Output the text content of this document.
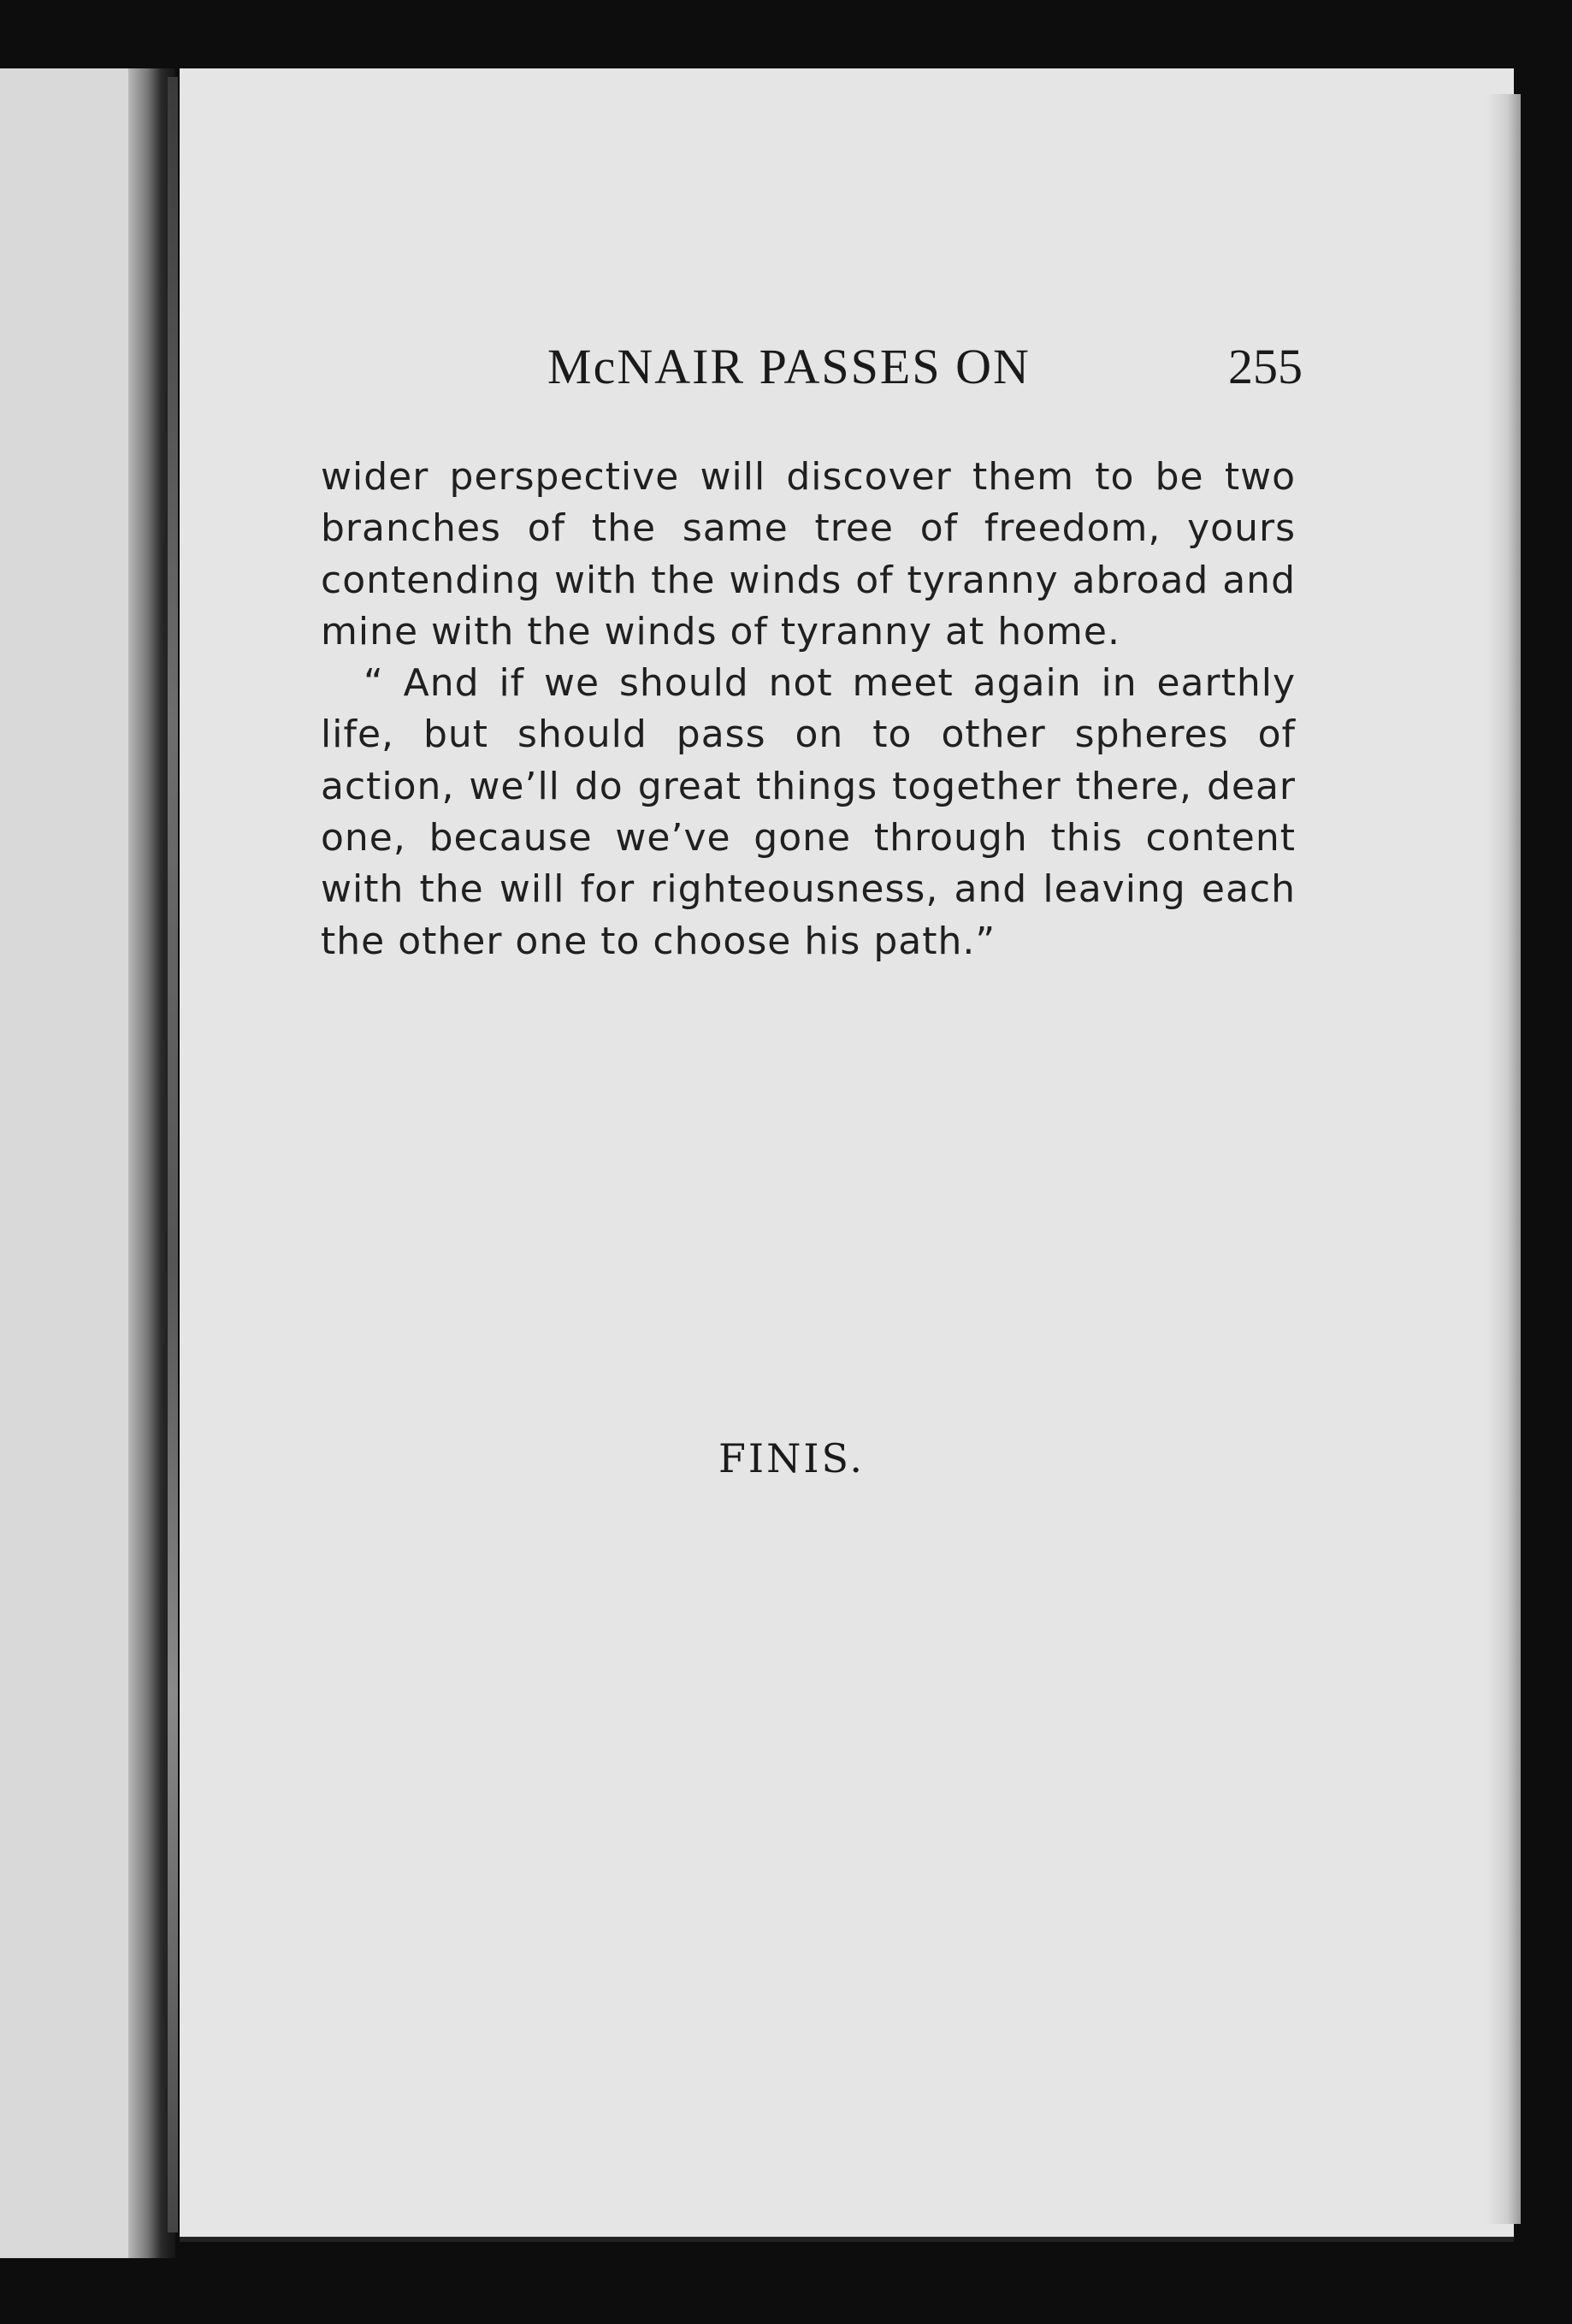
McNAIR PASSES ON	255

wider perspective will discover them to be two branches of the same tree of freedom, yours contending with the winds of tyranny abroad and mine with the winds of tyranny at home.

“ And if we should not meet again in earthly life, but should pass on to other spheres of action, we’ll do great things together there, dear one, because we’ve gone through this content with the will for righteousness, and leaving each the other one to choose his path.”

FINIS.
